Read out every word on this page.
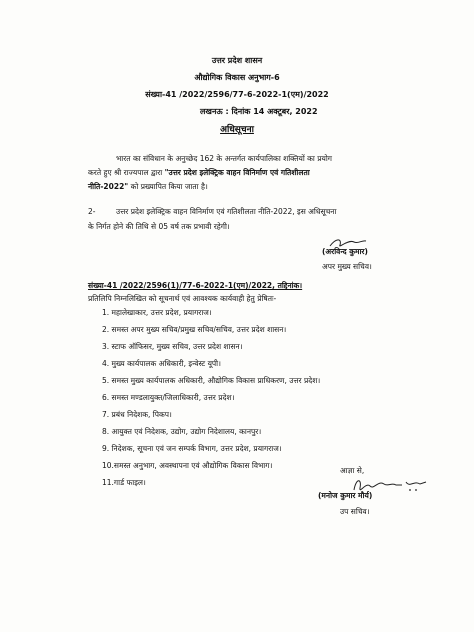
उत्तर प्रदेश शासन
औद्योगिक विकास अनुभाग-6
संख्या-41 /2022/2596/77-6-2022-1(एम)/2022
लखनऊ : दिनांक 14 अक्टूबर, 2022
अधिसूचना
भारत का संविधान के अनुच्छेद 162 के अन्तर्गत कार्यपालिका शक्तियों का प्रयोग
करते हुए श्री राज्यपाल द्वारा "उत्तर प्रदेश इलेक्ट्रिक वाहन विनिर्माण एवं गतिशीलता
नीति-2022" को प्रख्यापित किया जाता है।
2-	उत्तर प्रदेश इलेक्ट्रिक वाहन विनिर्माण एवं गतिशीलता नीति-2022, इस अधिसूचना
के निर्गत होने की तिथि से 05 वर्ष तक प्रभावी रहेगी।
(अरविन्द कुमार)
अपर मुख्य सचिव।
संख्या-41 /2022/2596(1)/77-6-2022-1(एम)/2022, तद्दिनांक।
प्रतिलिपि निम्नलिखित को सूचनार्थ एवं आवश्यक कार्यवाही हेतु प्रेषितः-
1. महालेखाकार, उत्तर प्रदेश, प्रयागराज।
2. समस्त अपर मुख्य सचिव/प्रमुख सचिव/सचिव, उत्तर प्रदेश शासन।
3. स्टाफ ऑफिसर, मुख्य सचिव, उत्तर प्रदेश शासन।
4. मुख्य कार्यपालक अधिकारी, इन्वेस्ट यूपी।
5. समस्त मुख्य कार्यपालक अधिकारी, औद्योगिक विकास प्राधिकरण, उत्तर प्रदेश।
6. समस्त मण्डलायुक्त/जिलाधिकारी, उत्तर प्रदेश।
7. प्रबंध निदेशक, पिकप।
8. आयुक्त एवं निदेशक, उद्योग, उद्योग निदेशालय, कानपुर।
9. निदेशक, सूचना एवं जन सम्पर्क विभाग, उत्तर प्रदेश, प्रयागराज।
10.समस्त अनुभाग, अवस्थापना एवं औद्योगिक विकास विभाग।
11.गार्ड फाइल।
आज्ञा से,
(मनोज कुमार मौर्य)
उप सचिव।
